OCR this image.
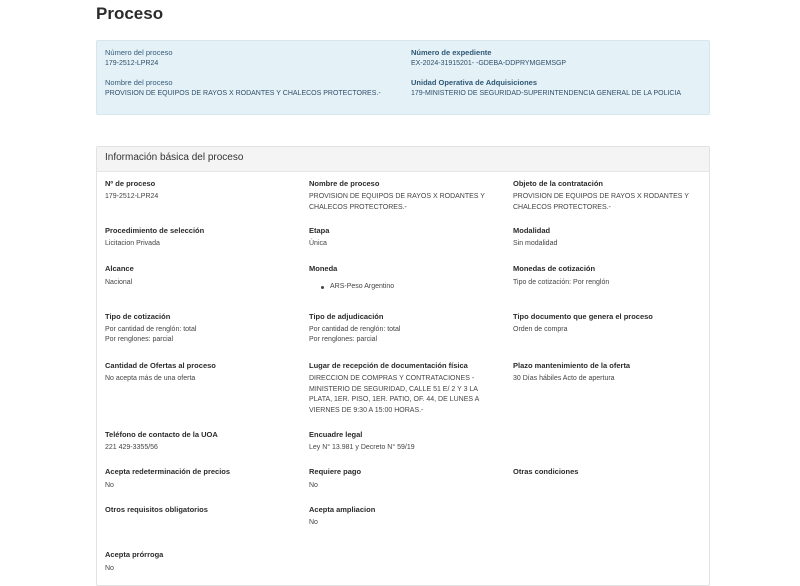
Proceso
Número del proceso
179-2512-LPR24
Nombre del proceso
PROVISION DE EQUIPOS DE RAYOS X RODANTES Y CHALECOS PROTECTORES.-
Número de expediente
EX-2024-31915201- -GDEBA-DDPRYMGEMSGP
Unidad Operativa de Adquisiciones
179-MINISTERIO DE SEGURIDAD-SUPERINTENDENCIA GENERAL DE LA POLICIA
Información básica del proceso
Nº de proceso
179-2512-LPR24
Nombre de proceso
PROVISION DE EQUIPOS DE RAYOS X RODANTES Y CHALECOS PROTECTORES.-
Objeto de la contratación
PROVISION DE EQUIPOS DE RAYOS X RODANTES Y CHALECOS PROTECTORES.-
Procedimiento de selección
Licitacion Privada
Etapa
Única
Modalidad
Sin modalidad
Alcance
Nacional
Moneda
ARS-Peso Argentino
Monedas de cotización
Tipo de cotización: Por renglón
Tipo de cotización
Por cantidad de renglón: total
Por renglones: parcial
Tipo de adjudicación
Por cantidad de renglón: total
Por renglones: parcial
Tipo documento que genera el proceso
Orden de compra
Cantidad de Ofertas al proceso
No acepta más de una oferta
Lugar de recepción de documentación física
DIRECCION DE COMPRAS Y CONTRATACIONES - MINISTERIO DE SEGURIDAD, CALLE 51 E/ 2 Y 3 LA PLATA, 1ER. PISO, 1ER. PATIO, OF. 44, DE LUNES A VIERNES DE 9:30 A 15:00 HORAS.-
Plazo mantenimiento de la oferta
30 Días hábiles Acto de apertura
Teléfono de contacto de la UOA
221 429-3355/56
Encuadre legal
Ley N° 13.981 y Decreto N° 59/19
Acepta redeterminación de precios
No
Requiere pago
No
Otras condiciones
Otros requisitos obligatorios	Acepta ampliacion
No
Acepta prórroga
No
